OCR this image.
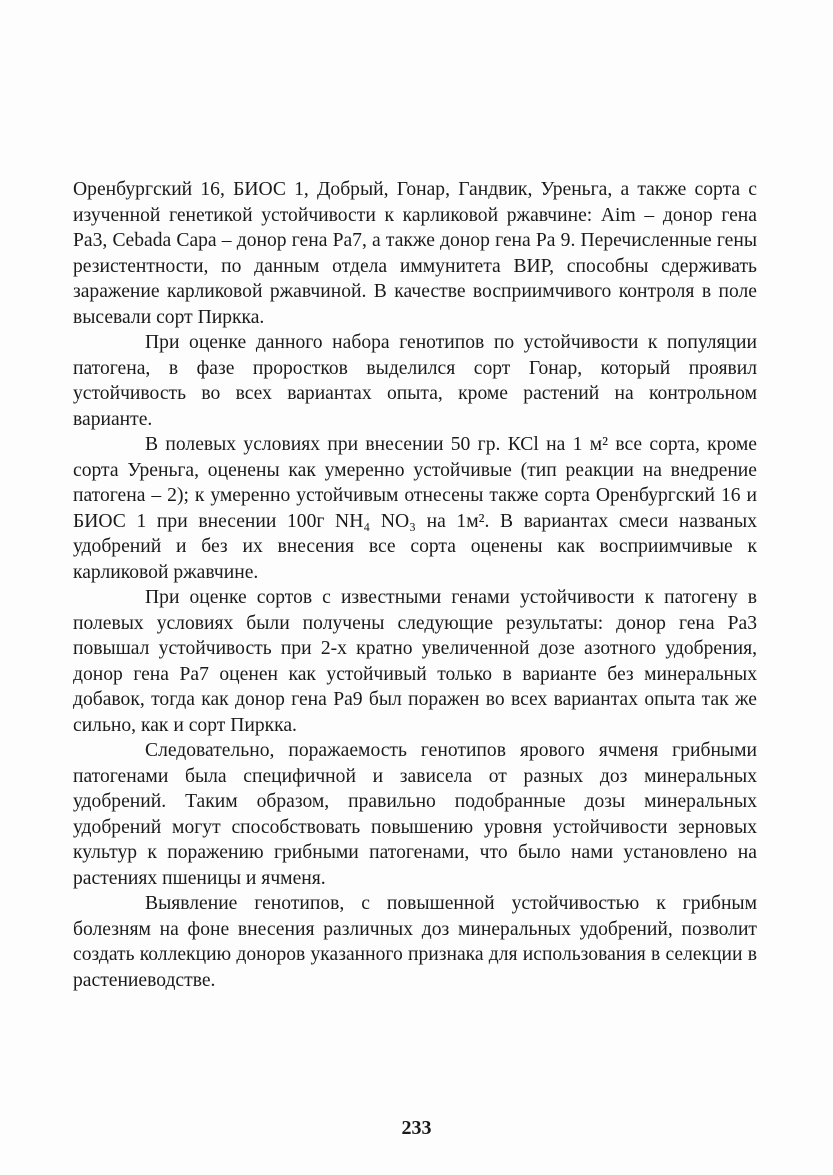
Оренбургский 16, БИОС 1, Добрый, Гонар, Гандвик, Уреньга, а также сорта с изученной генетикой устойчивости к карликовой ржавчине: Aim – донор гена Pa3, Cebada Capa – донор гена Pa7, а также донор гена Pa 9. Перечисленные гены резистентности, по данным отдела иммунитета ВИР, способны сдерживать заражение карликовой ржавчиной. В качестве восприимчивого контроля в поле высевали сорт Пиркка.

При оценке данного набора генотипов по устойчивости к популяции патогена, в фазе проростков выделился сорт Гонар, который проявил устойчивость во всех вариантах опыта, кроме растений на контрольном варианте.

В полевых условиях при внесении 50 гр. КСl на 1 м² все сорта, кроме сорта Уреньга, оценены как умеренно устойчивые (тип реакции на внедрение патогена – 2); к умеренно устойчивым отнесены также сорта Оренбургский 16 и БИОС 1 при внесении 100г NH₄ NO₃ на 1м². В вариантах смеси названых удобрений и без их внесения все сорта оценены как восприимчивые к карликовой ржавчине.

При оценке сортов с известными генами устойчивости к патогену в полевых условиях были получены следующие результаты: донор гена Pa3 повышал устойчивость при 2-х кратно увеличенной дозе азотного удобрения, донор гена Pa7 оценен как устойчивый только в варианте без минеральных добавок, тогда как донор гена Pa9 был поражен во всех вариантах опыта так же сильно, как и сорт Пиркка.

Следовательно, поражаемость генотипов ярового ячменя грибными патогенами была специфичной и зависела от разных доз минеральных удобрений. Таким образом, правильно подобранные дозы минеральных удобрений могут способствовать повышению уровня устойчивости зерновых культур к поражению грибными патогенами, что было нами установлено на растениях пшеницы и ячменя.

Выявление генотипов, с повышенной устойчивостью к грибным болезням на фоне внесения различных доз минеральных удобрений, позволит создать коллекцию доноров указанного признака для использования в селекции в растениеводстве.

233
